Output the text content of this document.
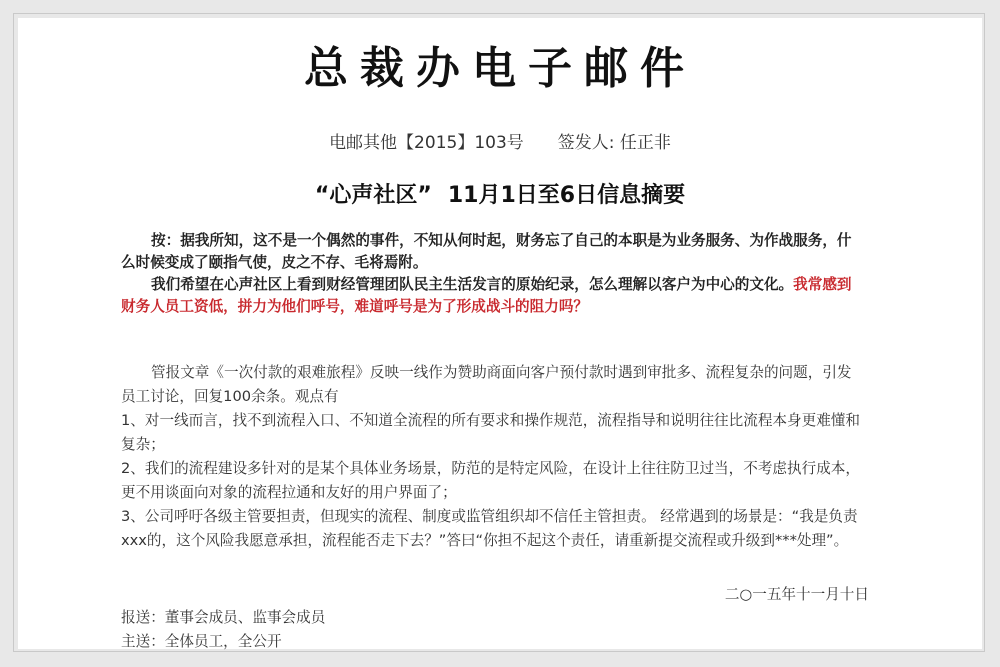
总裁办电子邮件
电邮其他【2015】103号 签发人: 任正非
“心声社区” 11月1日至6日信息摘要

按：据我所知，这不是一个偶然的事件，不知从何时起，财务忘了自己的本职是为业务服务、为作战服务，什么时候变成了颐指气使，皮之不存、毛将焉附。

我们希望在心声社区上看到财经管理团队民主生活发言的原始纪录，怎么理解以客户为中心的文化。我常感到财务人员工资低，拼力为他们呼号，难道呼号是为了形成战斗的阻力吗？

管报文章《一次付款的艰难旅程》反映一线作为赞助商面向客户预付款时遇到审批多、流程复杂的问题，引发员工讨论，回复100余条。观点有

1、对一线而言，找不到流程入口、不知道全流程的所有要求和操作规范，流程指导和说明往往比流程本身更难懂和复杂；

2、我们的流程建设多针对的是某个具体业务场景，防范的是特定风险，在设计上往往防卫过当，不考虑执行成本，更不用谈面向对象的流程拉通和友好的用户界面了；

3、公司呼吁各级主管要担责，但现实的流程、制度或监管组织却不信任主管担责。 经常遇到的场景是：“我是负责xxx的，这个风险我愿意承担，流程能否走下去？”答曰“你担不起这个责任，请重新提交流程或升级到***处理”。

二○一五年十一月十日

报送：董事会成员、监事会成员

主送：全体员工，全公开
